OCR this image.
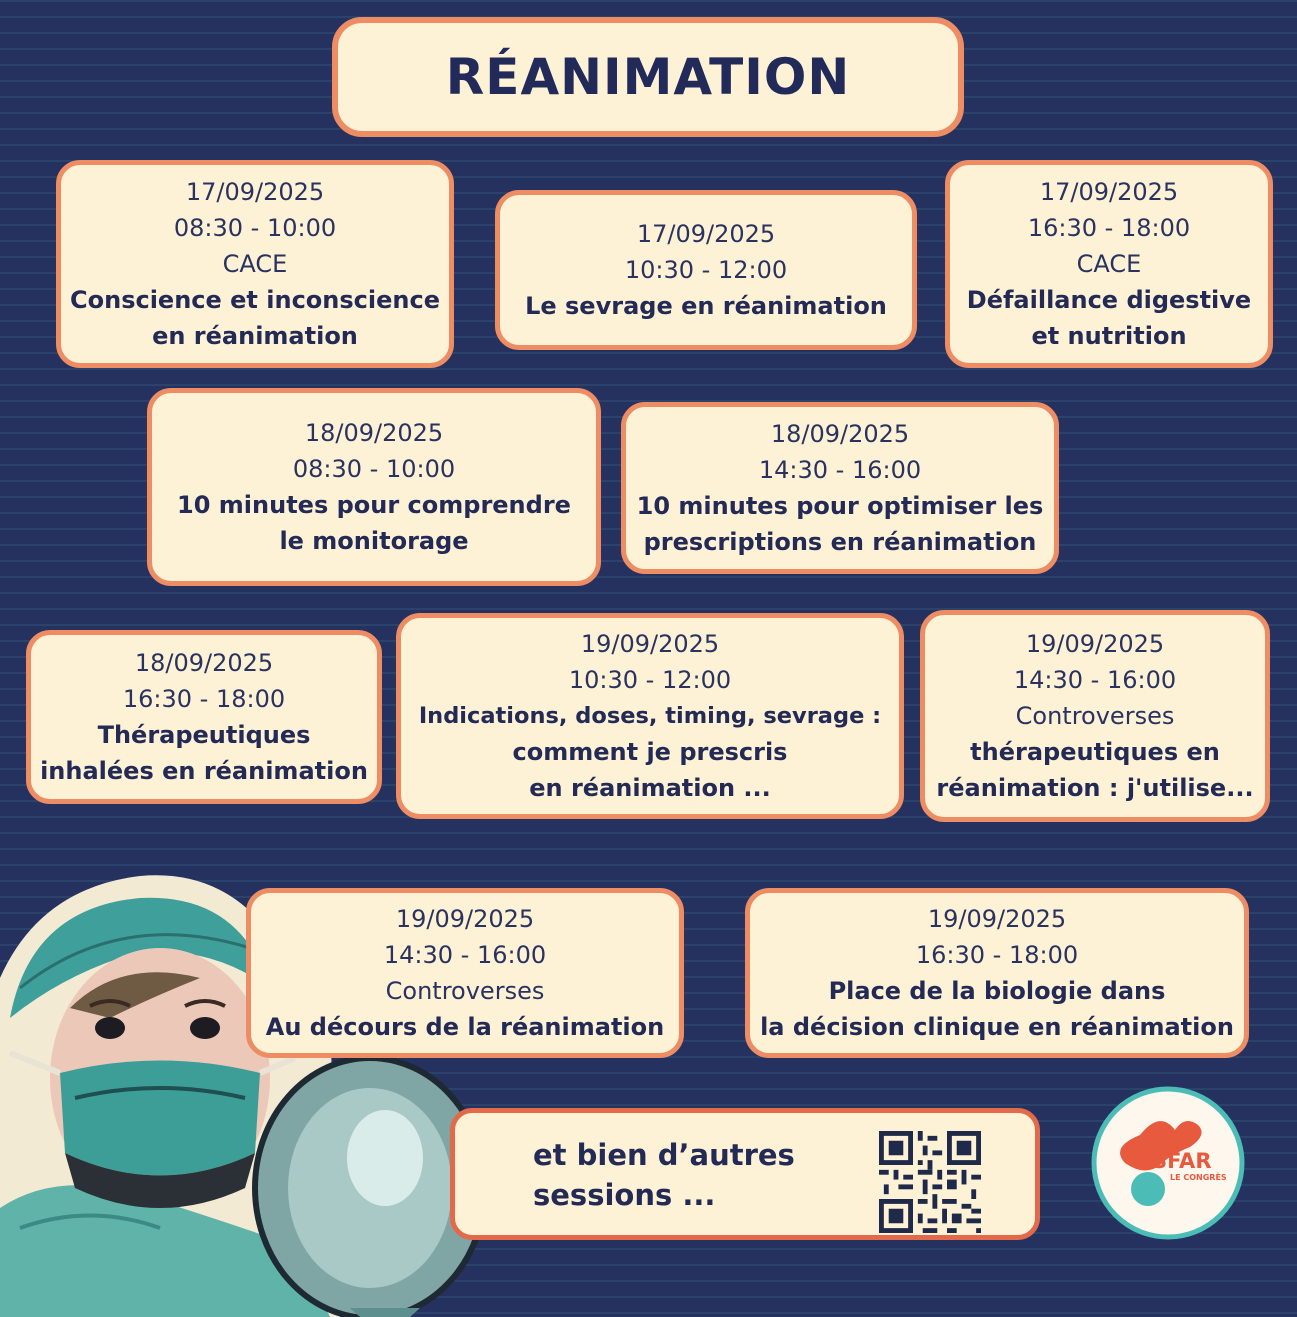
RÉANIMATION
17/09/2025
08:30 - 10:00
CACE
Conscience et inconscience
en réanimation
17/09/2025
10:30 - 12:00
Le sevrage en réanimation
17/09/2025
16:30 - 18:00
CACE
Défaillance digestive
et nutrition
18/09/2025
08:30 - 10:00
10 minutes pour comprendre
le monitorage
18/09/2025
14:30 - 16:00
10 minutes pour optimiser les
prescriptions en réanimation
18/09/2025
16:30 - 18:00
Thérapeutiques
inhalées en réanimation
19/09/2025
10:30 - 12:00
Indications, doses, timing, sevrage :
comment je prescris
en réanimation ...
19/09/2025
14:30 - 16:00
Controverses
thérapeutiques en
réanimation : j'utilise...
19/09/2025
14:30 - 16:00
Controverses
Au décours de la réanimation
19/09/2025
16:30 - 18:00
Place de la biologie dans
la décision clinique en réanimation
et bien d’autres
sessions ...
SFAR
LE CONGRÈS
